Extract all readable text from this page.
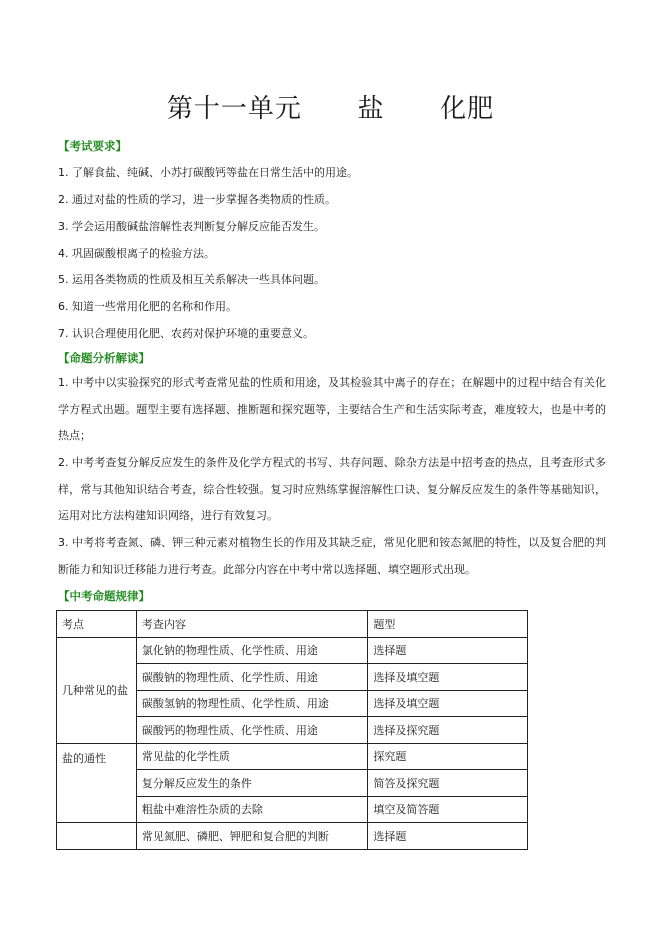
第十一单元      盐      化肥
【考试要求】
1. 了解食盐、纯碱、小苏打碳酸钙等盐在日常生活中的用途。
2. 通过对盐的性质的学习，进一步掌握各类物质的性质。
3. 学会运用酸碱盐溶解性表判断复分解反应能否发生。
4. 巩固碳酸根离子的检验方法。
5. 运用各类物质的性质及相互关系解决一些具体问题。
6. 知道一些常用化肥的名称和作用。
7. 认识合理使用化肥、农药对保护环境的重要意义。
【命题分析解读】
1. 中考中以实验探究的形式考查常见盐的性质和用途，及其检验其中离子的存在；在解题中的过程中结合有关化学方程式出题。题型主要有选择题、推断题和探究题等，主要结合生产和生活实际考查，难度较大，也是中考的热点；
2. 中考考查复分解反应发生的条件及化学方程式的书写、共存问题、除杂方法是中招考查的热点，且考查形式多样，常与其他知识结合考查，综合性较强。复习时应熟练掌握溶解性口诀、复分解反应发生的条件等基础知识，运用对比方法构建知识网络，进行有效复习。
3. 中考将考查氮、磷、钾三种元素对植物生长的作用及其缺乏症，常见化肥和铵态氮肥的特性，以及复合肥的判断能力和知识迁移能力进行考查。此部分内容在中考中常以选择题、填空题形式出现。
【中考命题规律】
考点	考查内容	题型
几种常见的盐	氯化钠的物理性质、化学性质、用途	选择题
	碳酸钠的物理性质、化学性质、用途	选择及填空题
	碳酸氢钠的物理性质、化学性质、用途	选择及填空题
	碳酸钙的物理性质、化学性质、用途	选择及探究题
盐的通性	常见盐的化学性质	探究题
	复分解反应发生的条件	简答及探究题
	粗盐中难溶性杂质的去除	填空及简答题
	常见氮肥、磷肥、钾肥和复合肥的判断	选择题
